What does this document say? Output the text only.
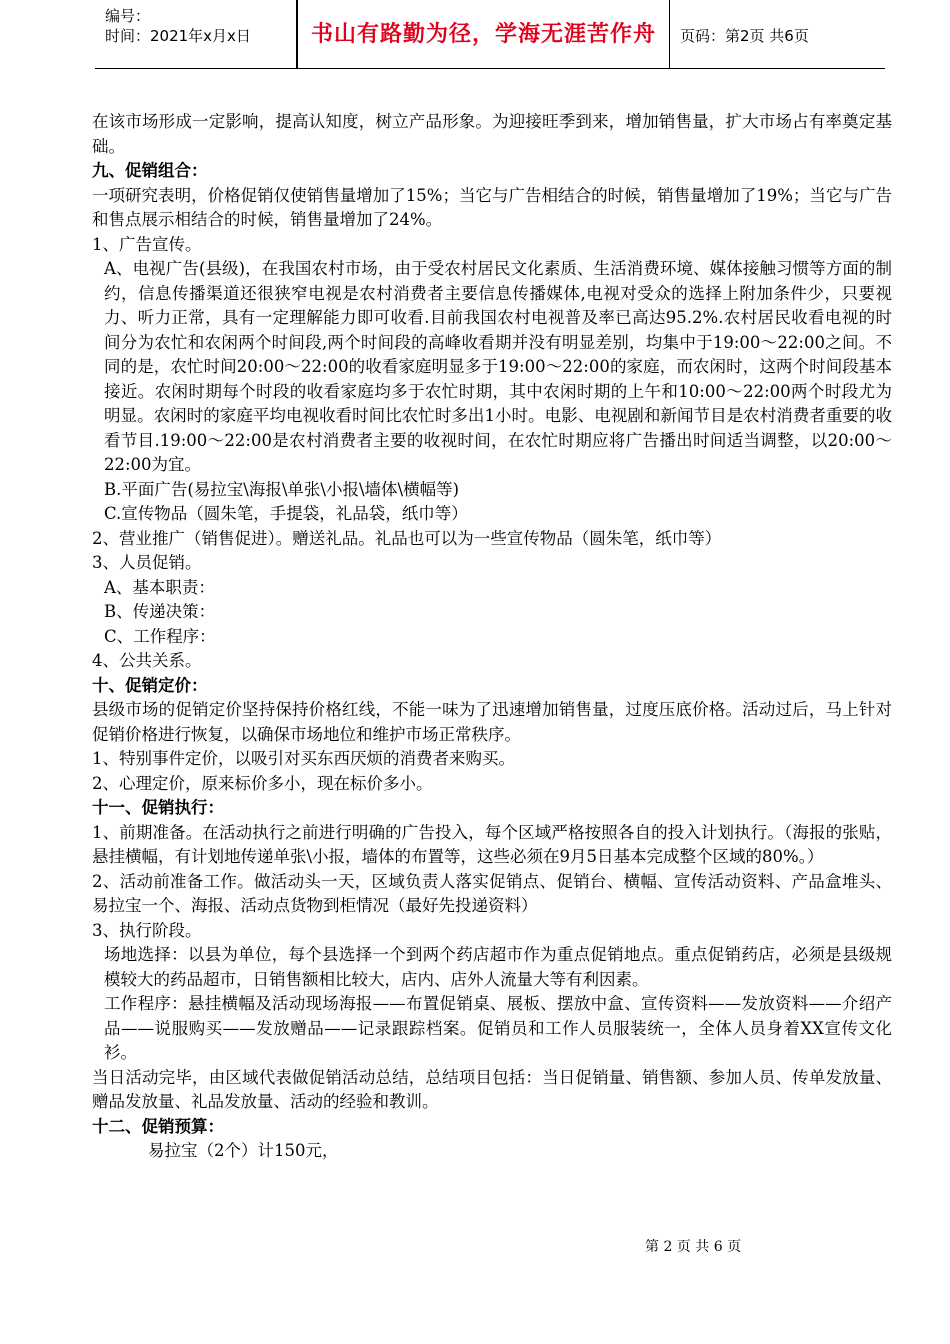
编号：
时间：2021年x月x日	书山有路勤为径，学海无涯苦作舟	页码：第2页 共6页

在该市场形成一定影响，提高认知度，树立产品形象。为迎接旺季到来，增加销售量，扩大市场占有率奠定基础。

九、促销组合：

一项研究表明，价格促销仅使销售量增加了15%；当它与广告相结合的时候，销售量增加了19%；当它与广告和售点展示相结合的时候，销售量增加了24%。

1、广告宣传。

A、电视广告(县级)，在我国农村市场，由于受农村居民文化素质、生活消费环境、媒体接触习惯等方面的制约，信息传播渠道还很狭窄电视是农村消费者主要信息传播媒体,电视对受众的选择上附加条件少，只要视力、听力正常，具有一定理解能力即可收看.目前我国农村电视普及率已高达95.2%.农村居民收看电视的时间分为农忙和农闲两个时间段,两个时间段的高峰收看期并没有明显差别，均集中于19:00～22:00之间。不同的是，农忙时间20:00～22:00的收看家庭明显多于19:00～22:00的家庭，而农闲时，这两个时间段基本接近。农闲时期每个时段的收看家庭均多于农忙时期，其中农闲时期的上午和10:00～22:00两个时段尤为明显。农闲时的家庭平均电视收看时间比农忙时多出1小时。电影、电视剧和新闻节目是农村消费者重要的收看节目.19:00～22:00是农村消费者主要的收视时间，在农忙时期应将广告播出时间适当调整，以20:00～22:00为宜。

B.平面广告(易拉宝\海报\单张\小报\墙体\横幅等)

C.宣传物品（圆朱笔，手提袋，礼品袋，纸巾等）

2、营业推广（销售促进）。赠送礼品。礼品也可以为一些宣传物品（圆朱笔，纸巾等）

3、人员促销。

A、基本职责：

B、传递决策：

C、工作程序：

4、公共关系。

十、促销定价：

县级市场的促销定价坚持保持价格红线，不能一味为了迅速增加销售量，过度压底价格。活动过后，马上针对促销价格进行恢复，以确保市场地位和维护市场正常秩序。

1、特别事件定价，以吸引对买东西厌烦的消费者来购买。

2、心理定价，原来标价多小，现在标价多小。

十一、促销执行：

1、前期准备。在活动执行之前进行明确的广告投入，每个区域严格按照各自的投入计划执行。（海报的张贴，悬挂横幅，有计划地传递单张\小报，墙体的布置等，这些必须在9月5日基本完成整个区域的80%。）

2、活动前准备工作。做活动头一天，区域负责人落实促销点、促销台、横幅、宣传活动资料、产品盒堆头、易拉宝一个、海报、活动点货物到柜情况（最好先投递资料）

3、执行阶段。

场地选择：以县为单位，每个县选择一个到两个药店超市作为重点促销地点。重点促销药店，必须是县级规模较大的药品超市，日销售额相比较大，店内、店外人流量大等有利因素。

工作程序：悬挂横幅及活动现场海报——布置促销桌、展板、摆放中盒、宣传资料——发放资料——介绍产品——说服购买——发放赠品——记录跟踪档案。促销员和工作人员服装统一，全体人员身着XX宣传文化衫。

当日活动完毕，由区域代表做促销活动总结，总结项目包括：当日促销量、销售额、参加人员、传单发放量、赠品发放量、礼品发放量、活动的经验和教训。

十二、促销预算：

易拉宝（2个）计150元，

第 2 页 共 6 页
